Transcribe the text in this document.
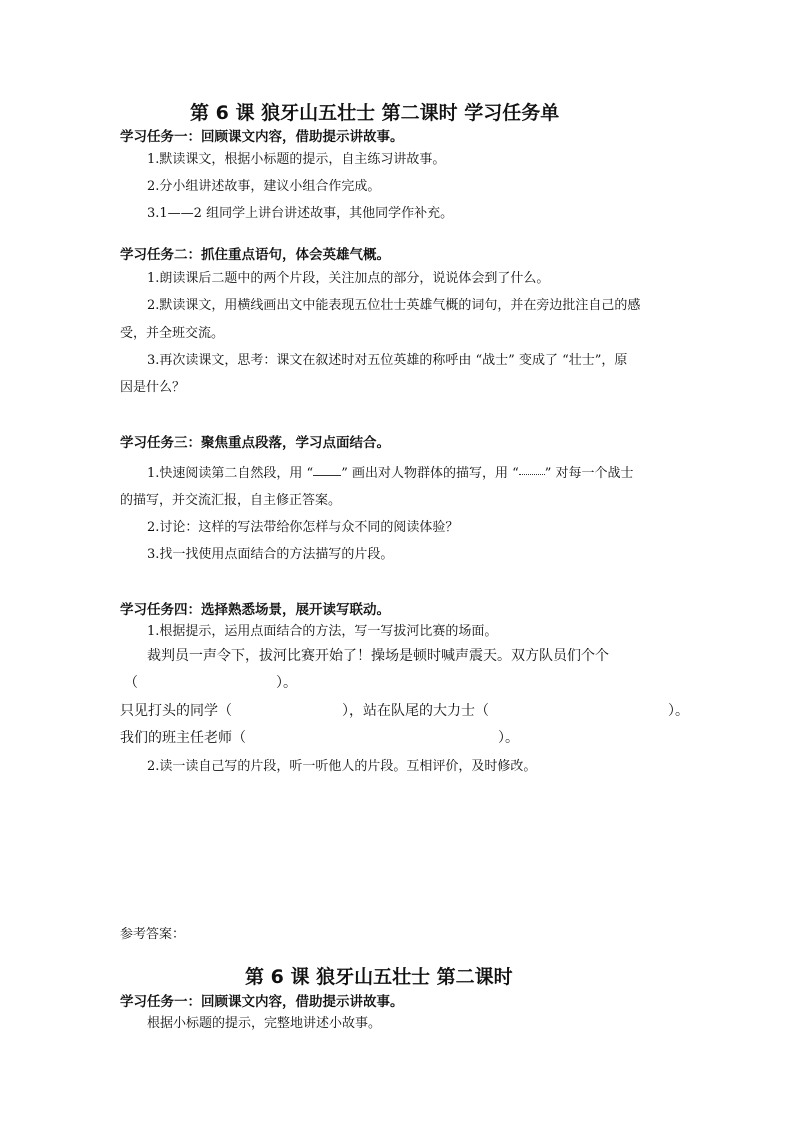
第 6 课 狼牙山五壮士 第二课时 学习任务单
学习任务一：回顾课文内容，借助提示讲故事。
1.默读课文，根据小标题的提示，自主练习讲故事。
2.分小组讲述故事，建议小组合作完成。
3.1——2 组同学上讲台讲述故事，其他同学作补充。
学习任务二：抓住重点语句，体会英雄气概。
1.朗读课后二题中的两个片段，关注加点的部分，说说体会到了什么。
2.默读课文，用横线画出文中能表现五位壮士英雄气概的词句，并在旁边批注自己的感
受，并全班交流。
3.再次读课文，思考：课文在叙述时对五位英雄的称呼由 “战士” 变成了 “壮士”，原
因是什么？
学习任务三：聚焦重点段落，学习点面结合。
1.快速阅读第二自然段，用 “ ” 画出对人物群体的描写，用 “ ” 对每一个战士
的描写，并交流汇报，自主修正答案。
2.讨论：这样的写法带给你怎样与众不同的阅读体验？
3.找一找使用点面结合的方法描写的片段。
学习任务四：选择熟悉场景，展开读写联动。
1.根据提示，运用点面结合的方法，写一写拔河比赛的场面。
裁判员一声令下，拔河比赛开始了！操场是顿时喊声震天。双方队员们个个
（	）。
只见打头的同学（	），站在队尾的大力士（	）。
我们的班主任老师（	）。
2.读一读自己写的片段，听一听他人的片段。互相评价，及时修改。
参考答案：
第 6 课 狼牙山五壮士 第二课时
学习任务一：回顾课文内容，借助提示讲故事。
根据小标题的提示，完整地讲述小故事。
